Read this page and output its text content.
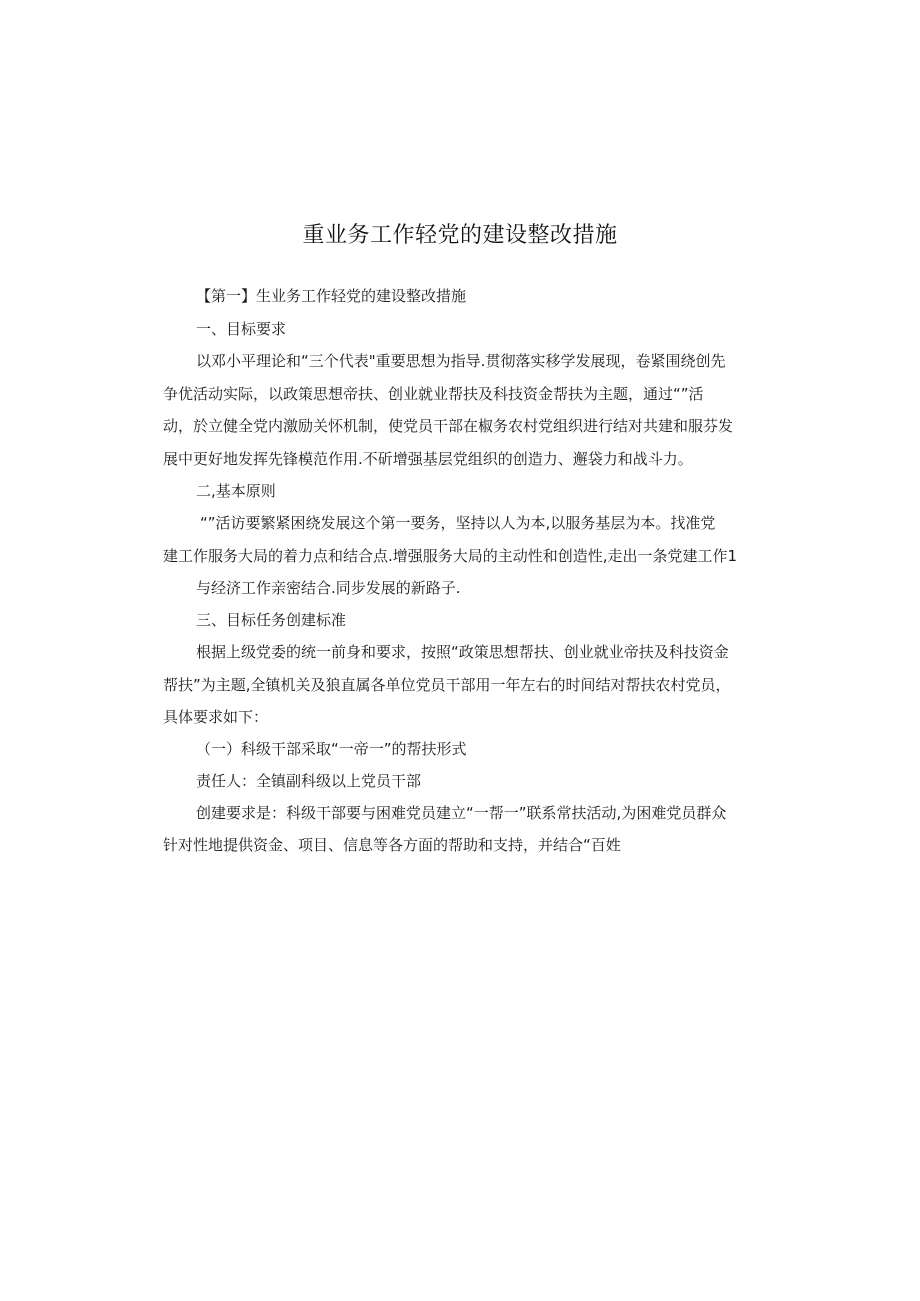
重业务工作轻党的建设整改措施
【第一】生业务工作轻党的建设整改措施
一、目标要求
以邓小平理论和“三个代表"重要思想为指导.贯彻落实移学发展现，卷紧围绕创先
争优活动实际，以政策思想帝扶、创业就业帮扶及科技资金帮扶为主题，通过“”活
动，於立健全党内激励关怀机制，使党员干部在椒务农村党组织进行结对共建和服芬发
展中更好地发挥先锋模范作用.不斫增强基层党组织的创造力、邂袋力和战斗力。
二,基本原则
“”活访要繁紧困绕发展这个第一要务，坚持以人为本,以服务基层为本。找准党
建工作服务大局的着力点和结合点.增强服务大局的主动性和创造性,走出一条党建工作1
与经济工作亲密结合.同步发展的新路子.
三、目标任务创建标准
根据上级党委的统一前身和要求，按照“政策思想帮扶、创业就业帝扶及科技资金
帮扶”为主题,全镇机关及狼直属各单位党员干部用一年左右的时间结对帮扶农村党员，
具体要求如下：
（一）科级干部采取“一帝一”的帮扶形式
责任人：全镇副科级以上党员干部
创建要求是：科级干部要与困难党员建立“一帮一”联系常扶活动,为困难党员群众
针对性地提供资金、项目、信息等各方面的帮助和支持，并结合“百姓
